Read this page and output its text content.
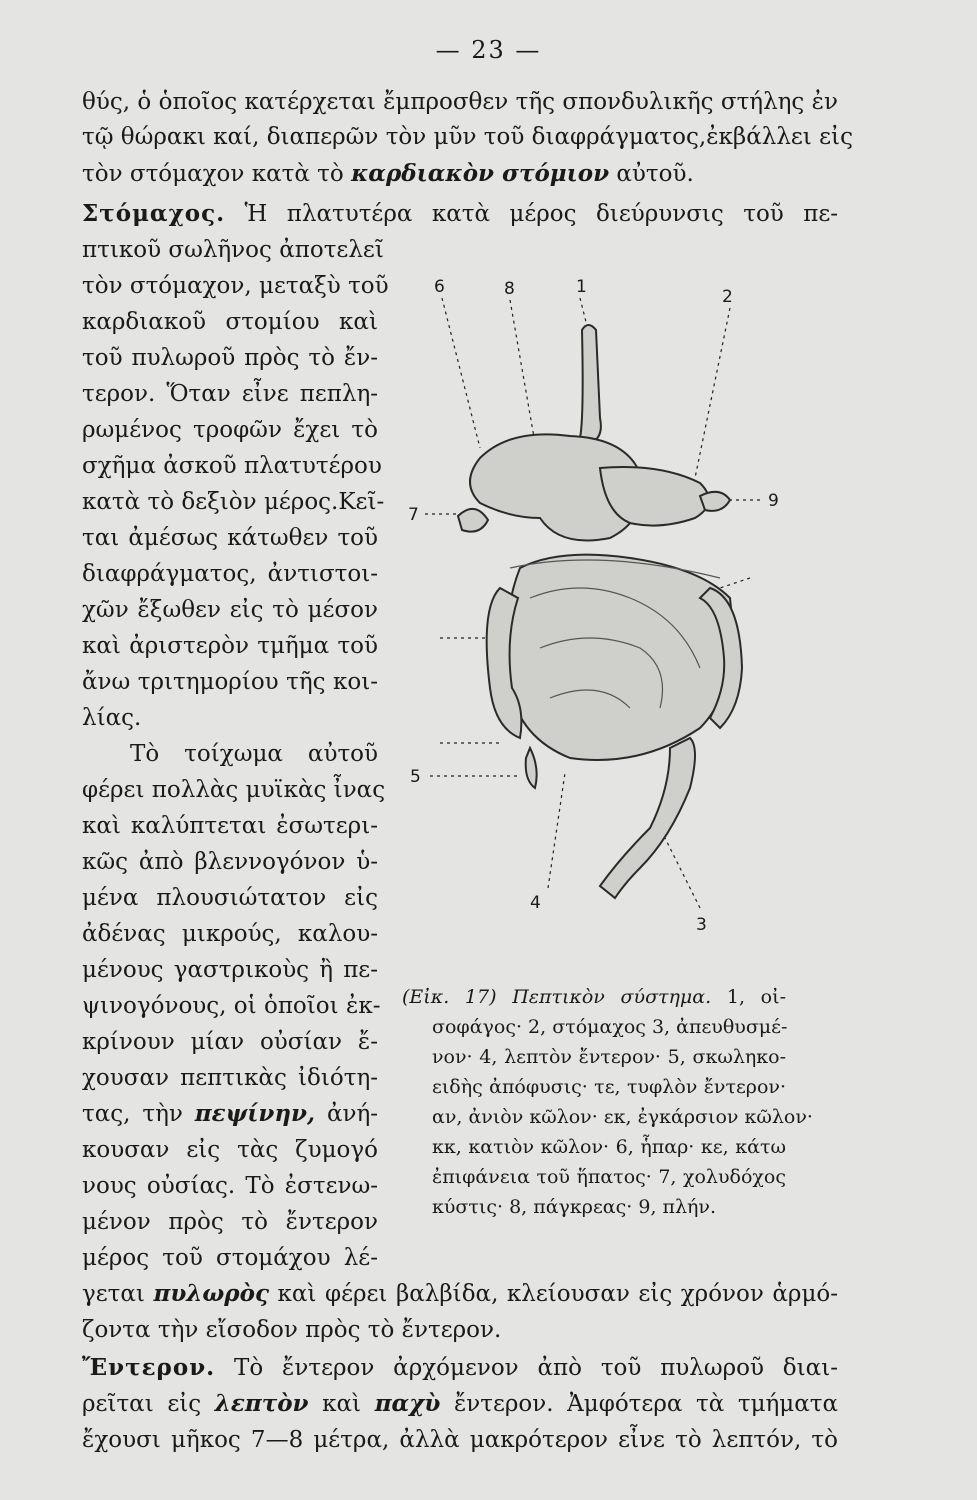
— 23 —
θύς, ὁ ὁποῖος κατέρχεται ἔμπροσθεν τῆς σπονδυλικῆς στήλης ἐν
τῷ θώρακι καί, διαπερῶν τὸν μῦν τοῦ διαφράγματος,ἐκβάλλει εἰς
τὸν στόμαχον κατὰ τὸ καρδιακὸν στόμιον αὐτοῦ.
Στόμαχος. Ἡ πλατυτέρα κατὰ μέρος διεύρυνσις τοῦ πε-
πτικοῦ σωλῆνος ἀποτελεῖ
τὸν στόμαχον, μεταξὺ τοῦ
καρδιακοῦ στομίου καὶ
τοῦ πυλωροῦ πρὸς τὸ ἔν-
τερον. Ὅταν εἶνε πεπλη-
ρωμένος τροφῶν ἔχει τὸ
σχῆμα ἀσκοῦ πλατυτέρου
κατὰ τὸ δεξιὸν μέρος.Κεῖ-
ται ἀμέσως κάτωθεν τοῦ
διαφράγματος, ἀντιστοι-
χῶν ἔξωθεν εἰς τὸ μέσον
καὶ ἀριστερὸν τμῆμα τοῦ
ἄνω τριτημορίου τῆς κοι-
λίας.
Τὸ τοίχωμα αὐτοῦ
φέρει πολλὰς μυϊκὰς ἶνας
καὶ καλύπτεται ἐσωτερι-
κῶς ἀπὸ βλεννογόνον ὑ-
μένα πλουσιώτατον εἰς
ἀδένας μικρούς, καλου-
μένους γαστρικοὺς ἢ πε-
ψινογόνους, οἱ ὁποῖοι ἐκ-
κρίνουν μίαν οὐσίαν ἔ-
χουσαν πεπτικὰς ἰδιότη-
τας, τὴν πεψίνην, ἀνή-
κουσαν εἰς τὰς ζυμογό
νους οὐσίας. Τὸ ἐστενω-
μένον πρὸς τὸ ἔντερον
μέρος τοῦ στομάχου λέ-
γεται πυλωρὸς καὶ φέρει βαλβίδα, κλείουσαν εἰς χρόνον ἁρμό-
ζοντα τὴν εἴσοδον πρὸς τὸ ἔντερον.
Ἔντερον. Τὸ ἔντερον ἀρχόμενον ἀπὸ τοῦ πυλωροῦ διαι-
ρεῖται εἰς λεπτὸν καὶ παχὺ ἔντερον. Ἀμφότερα τὰ τμήματα
ἔχουσι μῆκος 7—8 μέτρα, ἀλλὰ μακρότερον εἶνε τὸ λεπτόν, τὸ
6	8	1	2
9
7
5
4
3
(Εἰκ. 17) Πεπτικὸν σύστημα. 1, οἰ-
σοφάγος· 2, στόμαχος 3, ἀπευθυσμέ-
νον· 4, λεπτὸν ἔντερον· 5, σκωληκο-
ειδὴς ἀπόφυσις· τε, τυφλὸν ἔντερον·
αν, ἀνιὸν κῶλον· εκ, ἐγκάρσιον κῶλον·
κκ, κατιὸν κῶλον· 6, ἧπαρ· κε, κάτω
ἐπιφάνεια τοῦ ἥπατος· 7, χολυδόχος
κύστις· 8, πάγκρεας· 9, πλήν.
